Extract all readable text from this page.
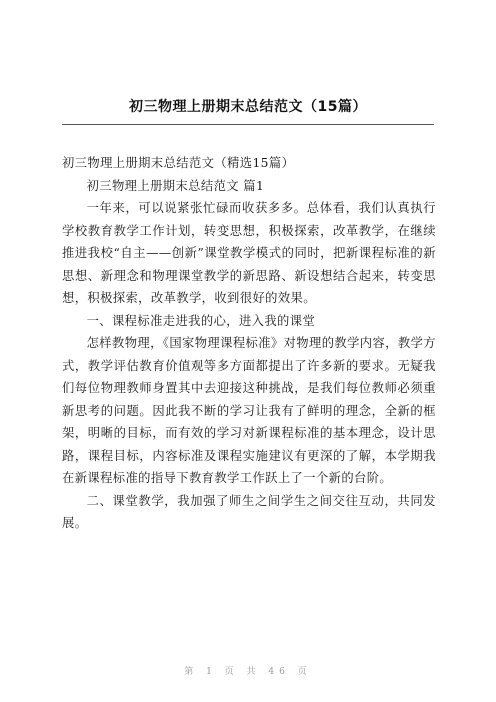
初三物理上册期末总结范文（15篇）

初三物理上册期末总结范文（精选15篇）

初三物理上册期末总结范文 篇1

一年来，可以说紧张忙碌而收获多多。总体看，我们认真执行学校教育教学工作计划，转变思想，积极探索，改革教学，在继续推进我校“自主——创新”课堂教学模式的同时，把新课程标准的新思想、新理念和物理课堂教学的新思路、新设想结合起来，转变思想，积极探索，改革教学，收到很好的效果。

一、课程标准走进我的心，进入我的课堂

怎样教物理，《国家物理课程标准》对物理的教学内容，教学方式，教学评估教育价值观等多方面都提出了许多新的要求。无疑我们每位物理教师身置其中去迎接这种挑战，是我们每位教师必须重新思考的问题。因此我不断的学习让我有了鲜明的理念，全新的框架，明晰的目标，而有效的学习对新课程标准的基本理念，设计思路，课程目标，内容标准及课程实施建议有更深的了解，本学期我在新课程标准的指导下教育教学工作跃上了一个新的台阶。

二、课堂教学，我加强了师生之间学生之间交往互动，共同发展。

第 1 页 共 46 页
